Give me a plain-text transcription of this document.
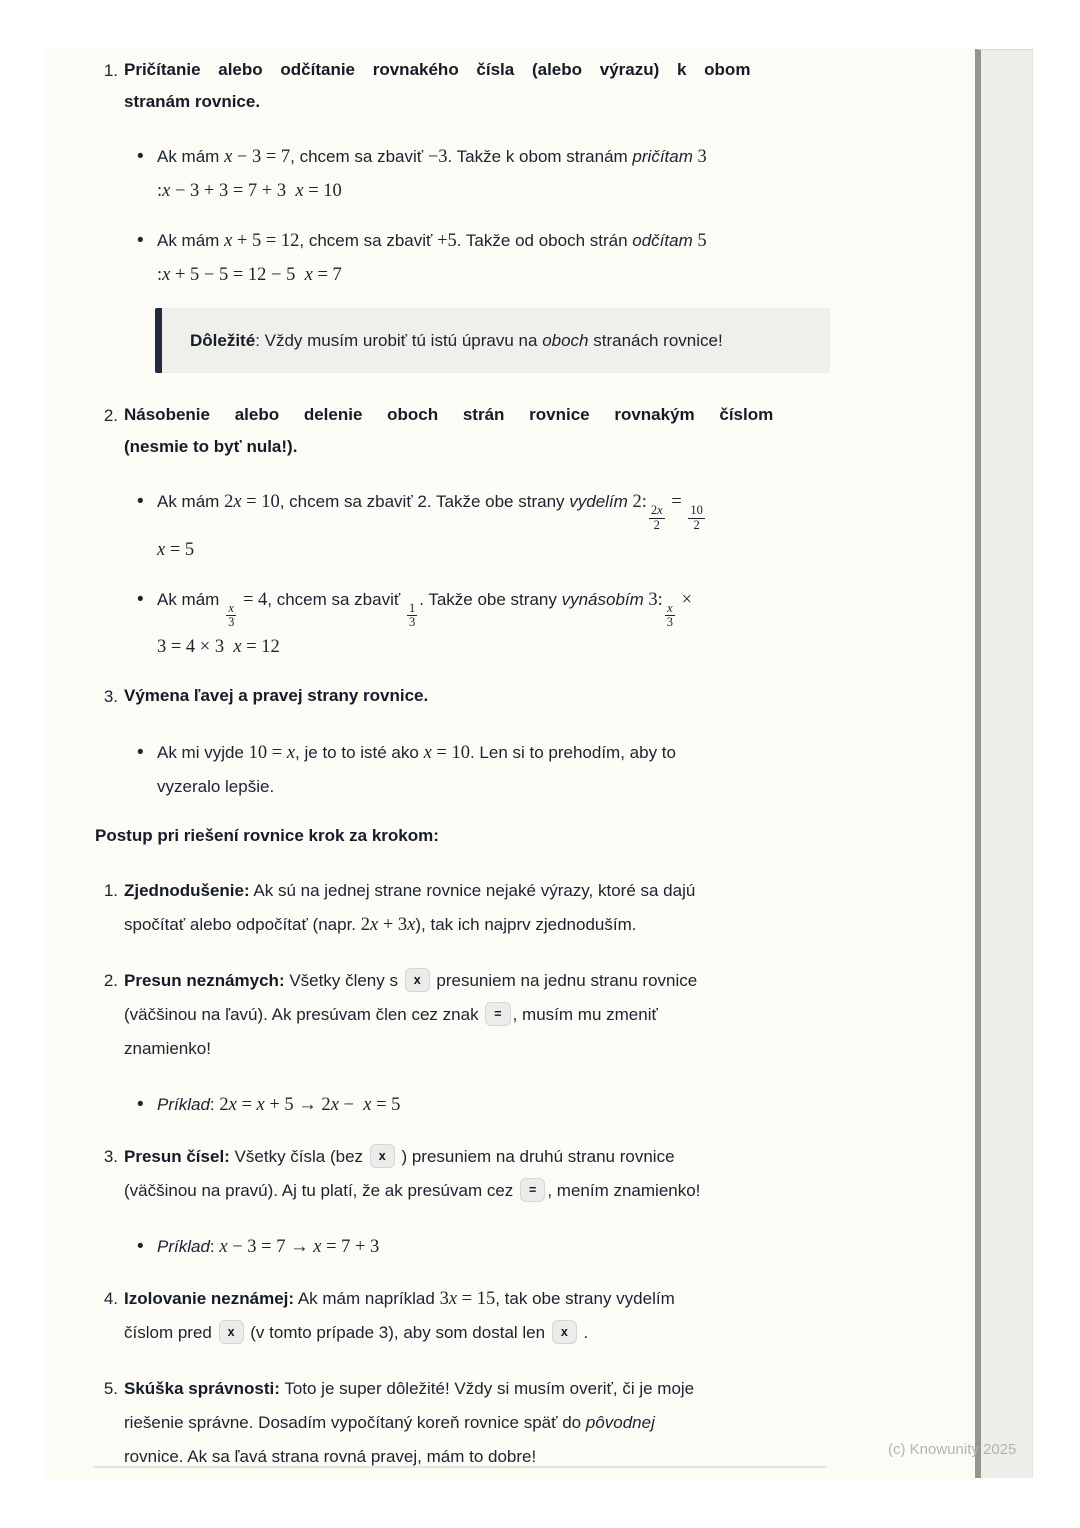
1. Pričítanie alebo odčítanie rovnakého čísla (alebo výrazu) k obom
stranám rovnice.
• Ak mám x − 3 = 7, chcem sa zbaviť −3. Takže k obom stranám pričítam 3
:x − 3 + 3 = 7 + 3 x = 10
• Ak mám x + 5 = 12, chcem sa zbaviť +5. Takže od oboch strán odčítam 5
:x + 5 − 5 = 12 − 5 x = 7
Dôležité: Vždy musím urobiť tú istú úpravu na oboch stranách rovnice!
2. Násobenie alebo delenie oboch strán rovnice rovnakým číslom
(nesmie to byť nula!).
• Ak mám 2x = 10, chcem sa zbaviť 2. Takže obe strany vydelím 2:
$\frac{2x}{2}$
=
$\frac{10}{2}$

x = 5
• Ak mám
$\frac{x}{3}$
= 4, chcem sa zbaviť
$\frac{1}{3}$
. Takže obe strany vynásobím 3:
$\frac{x}{3}$
×
3 = 4 × 3 x = 12
3. Výmena ľavej a pravej strany rovnice.
• Ak mi vyjde 10 = x, je to to isté ako x = 10. Len si to prehodím, aby to
vyzeralo lepšie.
Postup pri riešení rovnice krok za krokom:
1. Zjednodušenie: Ak sú na jednej strane rovnice nejaké výrazy, ktoré sa dajú
spočítať alebo odpočítať (napr. 2x + 3x), tak ich najprv zjednoduším.
2. Presun neznámych: Všetky členy s x presuniem na jednu stranu rovnice
(väčšinou na ľavú). Ak presúvam člen cez znak = , musím mu zmeniť
znamienko!
• Príklad: 2x = x + 5 → 2x − x = 5
3. Presun čísel: Všetky čísla (bez x ) presuniem na druhú stranu rovnice
(väčšinou na pravú). Aj tu platí, že ak presúvam cez = , mením znamienko!
• Príklad: x − 3 = 7 → x = 7 + 3
4. Izolovanie neznámej: Ak mám napríklad 3x = 15, tak obe strany vydelím
číslom pred x (v tomto prípade 3), aby som dostal len x .
5. Skúška správnosti: Toto je super dôležité! Vždy si musím overiť, či je moje
riešenie správne. Dosadím vypočítaný koreň rovnice späť do pôvodnej
rovnice. Ak sa ľavá strana rovná pravej, mám to dobre!	(c) Knowunity 2025
